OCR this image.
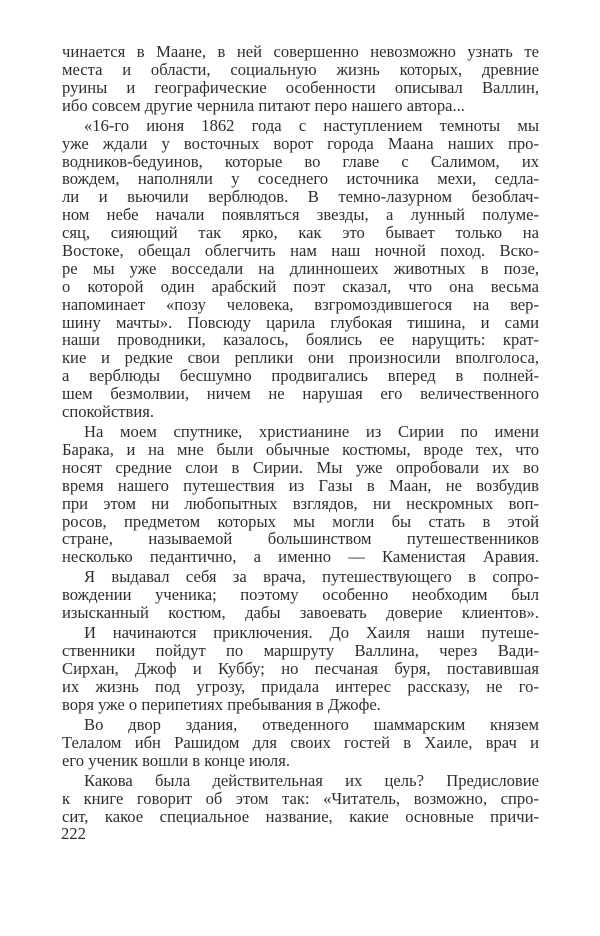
чинается в Маане, в ней совершенно невозможно узнать те
места и области, социальную жизнь которых, древние
руины и географические особенности описывал Валлин,
ибо совсем другие чернила питают перо нашего автора...
«16-го июня 1862 года с наступлением темноты мы
уже ждали у восточных ворот города Маана наших про-
водников-бедуинов, которые во главе с Салимом, их
вождем, наполняли у соседнего источника мехи, седла-
ли и вьючили верблюдов. В темно-лазурном безоблач-
ном небе начали появляться звезды, а лунный полуме-
сяц, сияющий так ярко, как это бывает только на
Востоке, обещал облегчить нам наш ночной поход. Вско-
ре мы уже восседали на длинношеих животных в позе,
о которой один арабский поэт сказал, что она весьма
напоминает «позу человека, взгромоздившегося на вер-
шину мачты». Повсюду царила глубокая тишина, и сами
наши проводники, казалось, боялись ее нарущить: крат-
кие и редкие свои реплики они произносили вполголоса,
а верблюды бесшумно продвигались вперед в полней-
шем безмолвии, ничем не нарушая его величественного
спокойствия.
На моем спутнике, христианине из Сирии по имени
Барака, и на мне были обычные костюмы, вроде тех, что
носят средние слои в Сирии. Мы уже опробовали их во
время нашего путешествия из Газы в Маан, не возбудив
при этом ни любопытных взглядов, ни нескромных воп-
росов, предметом которых мы могли бы стать в этой
стране, называемой большинством путешественников
несколько педантично, а именно — Каменистая Аравия.
Я выдавал себя за врача, путешествующего в сопро-
вождении ученика; поэтому особенно необходим был
изысканный костюм, дабы завоевать доверие клиентов».
И начинаются приключения. До Хаиля наши путеше-
ственники пойдут по маршруту Валлина, через Вади-
Сирхан, Джоф и Куббу; но песчаная буря, поставившая
их жизнь под угрозу, придала интерес рассказу, не го-
воря уже о перипетиях пребывания в Джофе.
Во двор здания, отведенного шаммарским князем
Телалом ибн Рашидом для своих гостей в Хаиле, врач и
его ученик вошли в конце июля.
Какова была действительная их цель? Предисловие
к книге говорит об этом так: «Читатель, возможно, спро-
сит, какое специальное название, какие основные причи-
222
